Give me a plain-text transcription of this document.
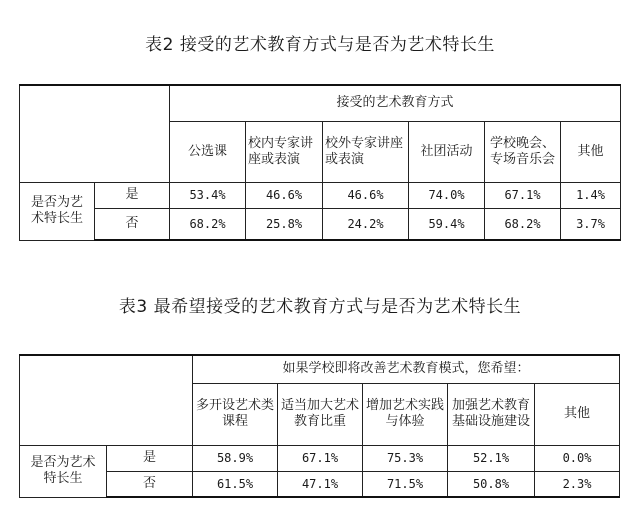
表2 接受的艺术教育方式与是否为艺术特长生
		接受的艺术教育方式					
		公选课	校内专家讲座或表演	校外专家讲座或表演	社团活动	学校晚会、专场音乐会	其他
是否为艺
术特长生	是	53.4%	46.6%	46.6%	74.0%	67.1%	1.4%
	否	68.2%	25.8%	24.2%	59.4%	68.2%	3.7%
表3 最希望接受的艺术教育方式与是否为艺术特长生
		如果学校即将改善艺术教育模式，您希望：				
		多开设艺术类课程	适当加大艺术教育比重	增加艺术实践与体验	加强艺术教育基础设施建设	其他
是否为艺术
特长生	是	58.9%	67.1%	75.3%	52.1%	0.0%
	否	61.5%	47.1%	71.5%	50.8%	2.3%
